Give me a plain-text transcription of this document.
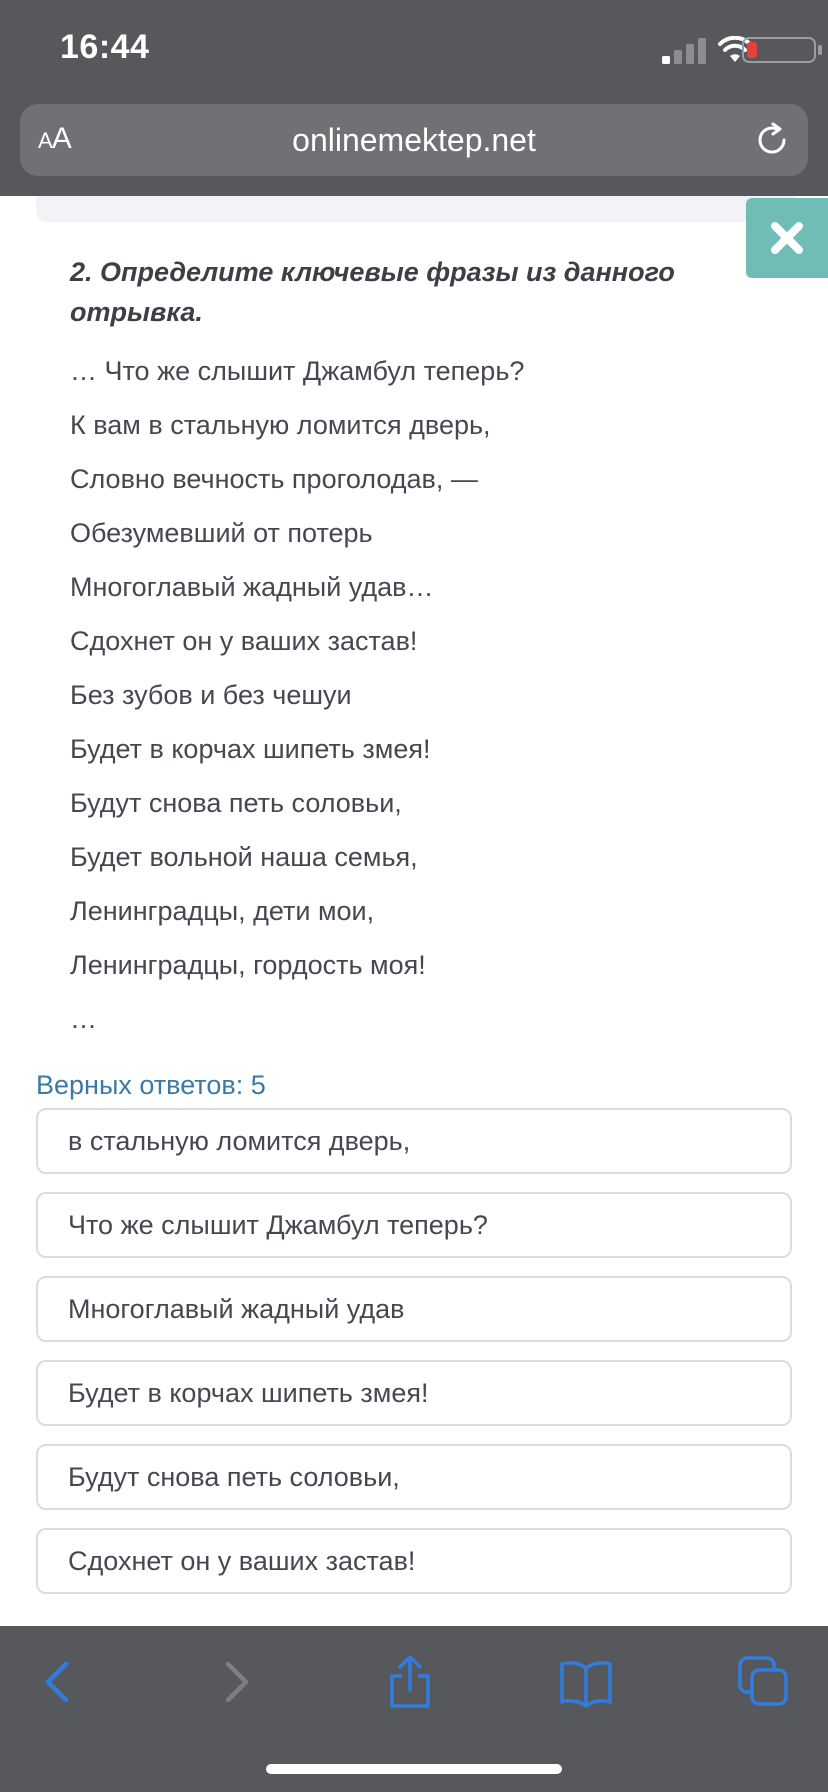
16:44
AA	onlinemektep.net
2. Определите ключевые фразы из данного отрывка.
… Что же слышит Джамбул теперь?
К вам в стальную ломится дверь,
Словно вечность проголодав, —
Обезумевший от потерь
Многоглавый жадный удав…
Сдохнет он у ваших застав!
Без зубов и без чешуи
Будет в корчах шипеть змея!
Будут снова петь соловьи,
Будет вольной наша семья,
Ленинградцы, дети мои,
Ленинградцы, гордость моя!
…
Верных ответов: 5
в стальную ломится дверь,
Что же слышит Джамбул теперь?
Многоглавый жадный удав
Будет в корчах шипеть змея!
Будут снова петь соловьи,
Сдохнет он у ваших застав!
